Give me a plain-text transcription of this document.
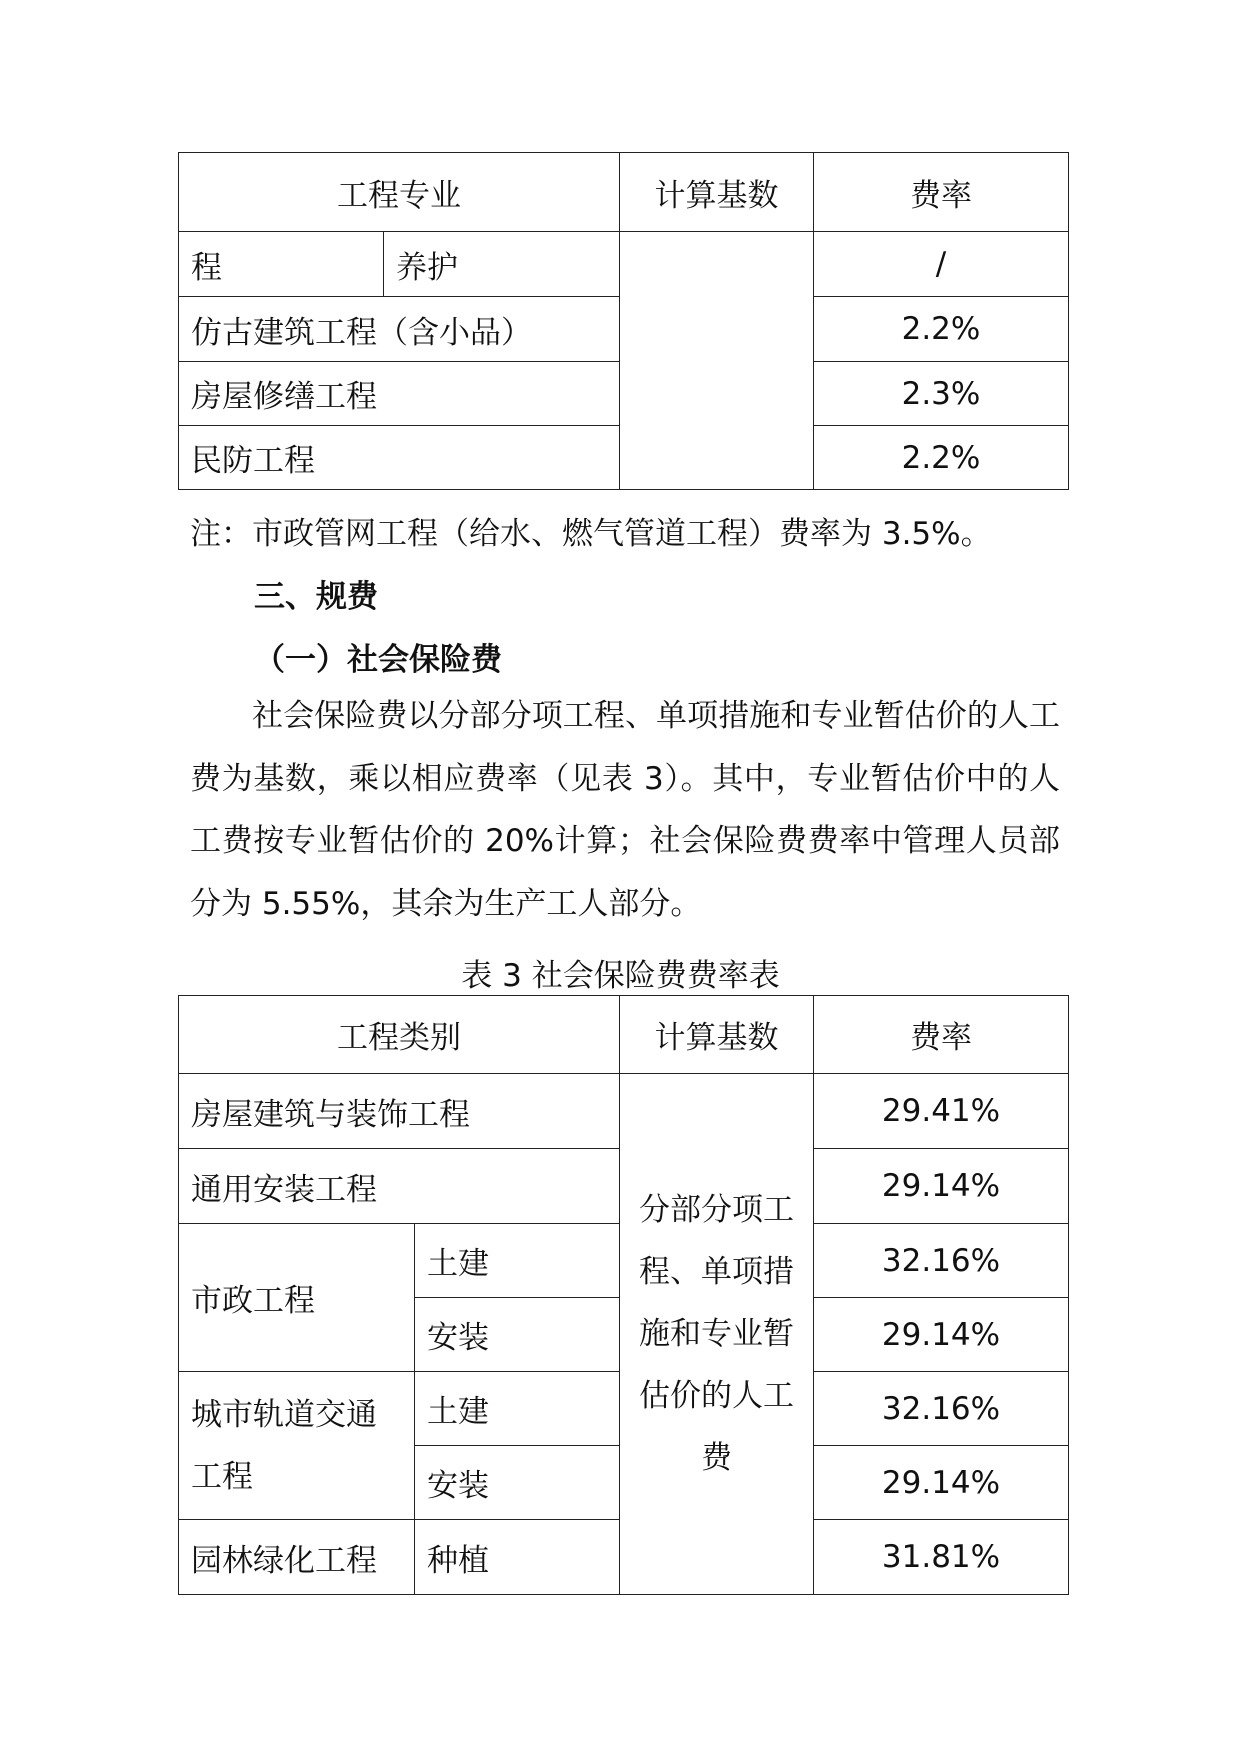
工程专业		计算基数	费率
程	养护		/
仿古建筑工程（含小品）			2.2%
房屋修缮工程			2.3%
民防工程			2.2%
注：市政管网工程（给水、燃气管道工程）费率为 3.5%。
三、规费
（一）社会保险费
社会保险费以分部分项工程、单项措施和专业暂估价的人工费为基数，乘以相应费率（见表 3）。其中，专业暂估价中的人工费按专业暂估价的 20%计算；社会保险费费率中管理人员部分为 5.55%，其余为生产工人部分。
表 3 社会保险费费率表
工程类别		计算基数	费率
房屋建筑与装饰工程		分部分项工程、单项措施和专业暂估价的人工费	29.41%
通用安装工程			29.14%
市政工程	土建		32.16%
	安装		29.14%
城市轨道交通工程	土建		32.16%
	安装		29.14%
园林绿化工程	种植		31.81%
